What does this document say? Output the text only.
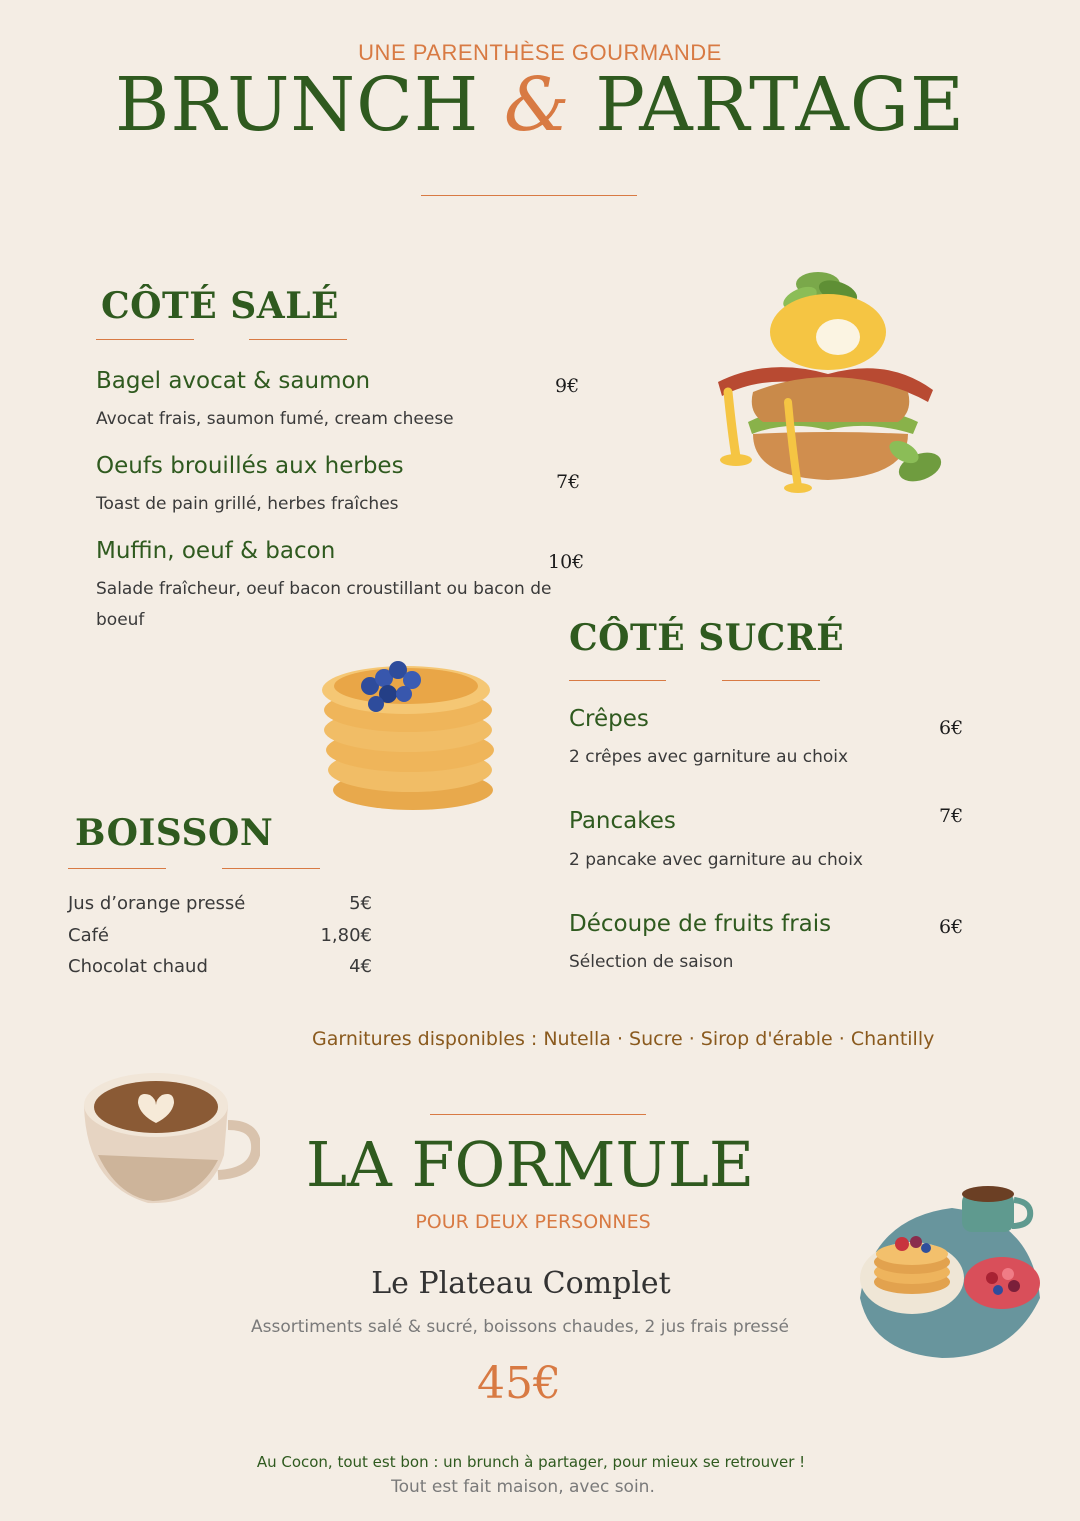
UNE PARENTHÈSE GOURMANDE
BRUNCH & PARTAGE
CÔTÉ SALÉ
Bagel avocat & saumon
Avocat frais, saumon fumé, cream cheese
9€
Oeufs brouillés aux herbes
Toast de pain grillé, herbes fraîches
7€
Muffin, oeuf & bacon
Salade fraîcheur, oeuf bacon croustillant ou bacon de boeuf
10€
CÔTÉ SUCRÉ
Crêpes
2 crêpes avec garniture au choix
6€
Pancakes
2 pancake avec garniture au choix
7€
Découpe de fruits frais
Sélection de saison
6€
BOISSON
Jus d’orange pressé	5€
Café	1,80€
Chocolat chaud	4€
Garnitures disponibles : Nutella · Sucre · Sirop d'érable · Chantilly
LA FORMULE
POUR DEUX PERSONNES
Le Plateau Complet
Assortiments salé & sucré, boissons chaudes, 2 jus frais pressé
45€
Au Cocon, tout est bon : un brunch à partager, pour mieux se retrouver !
Tout est fait maison, avec soin.
